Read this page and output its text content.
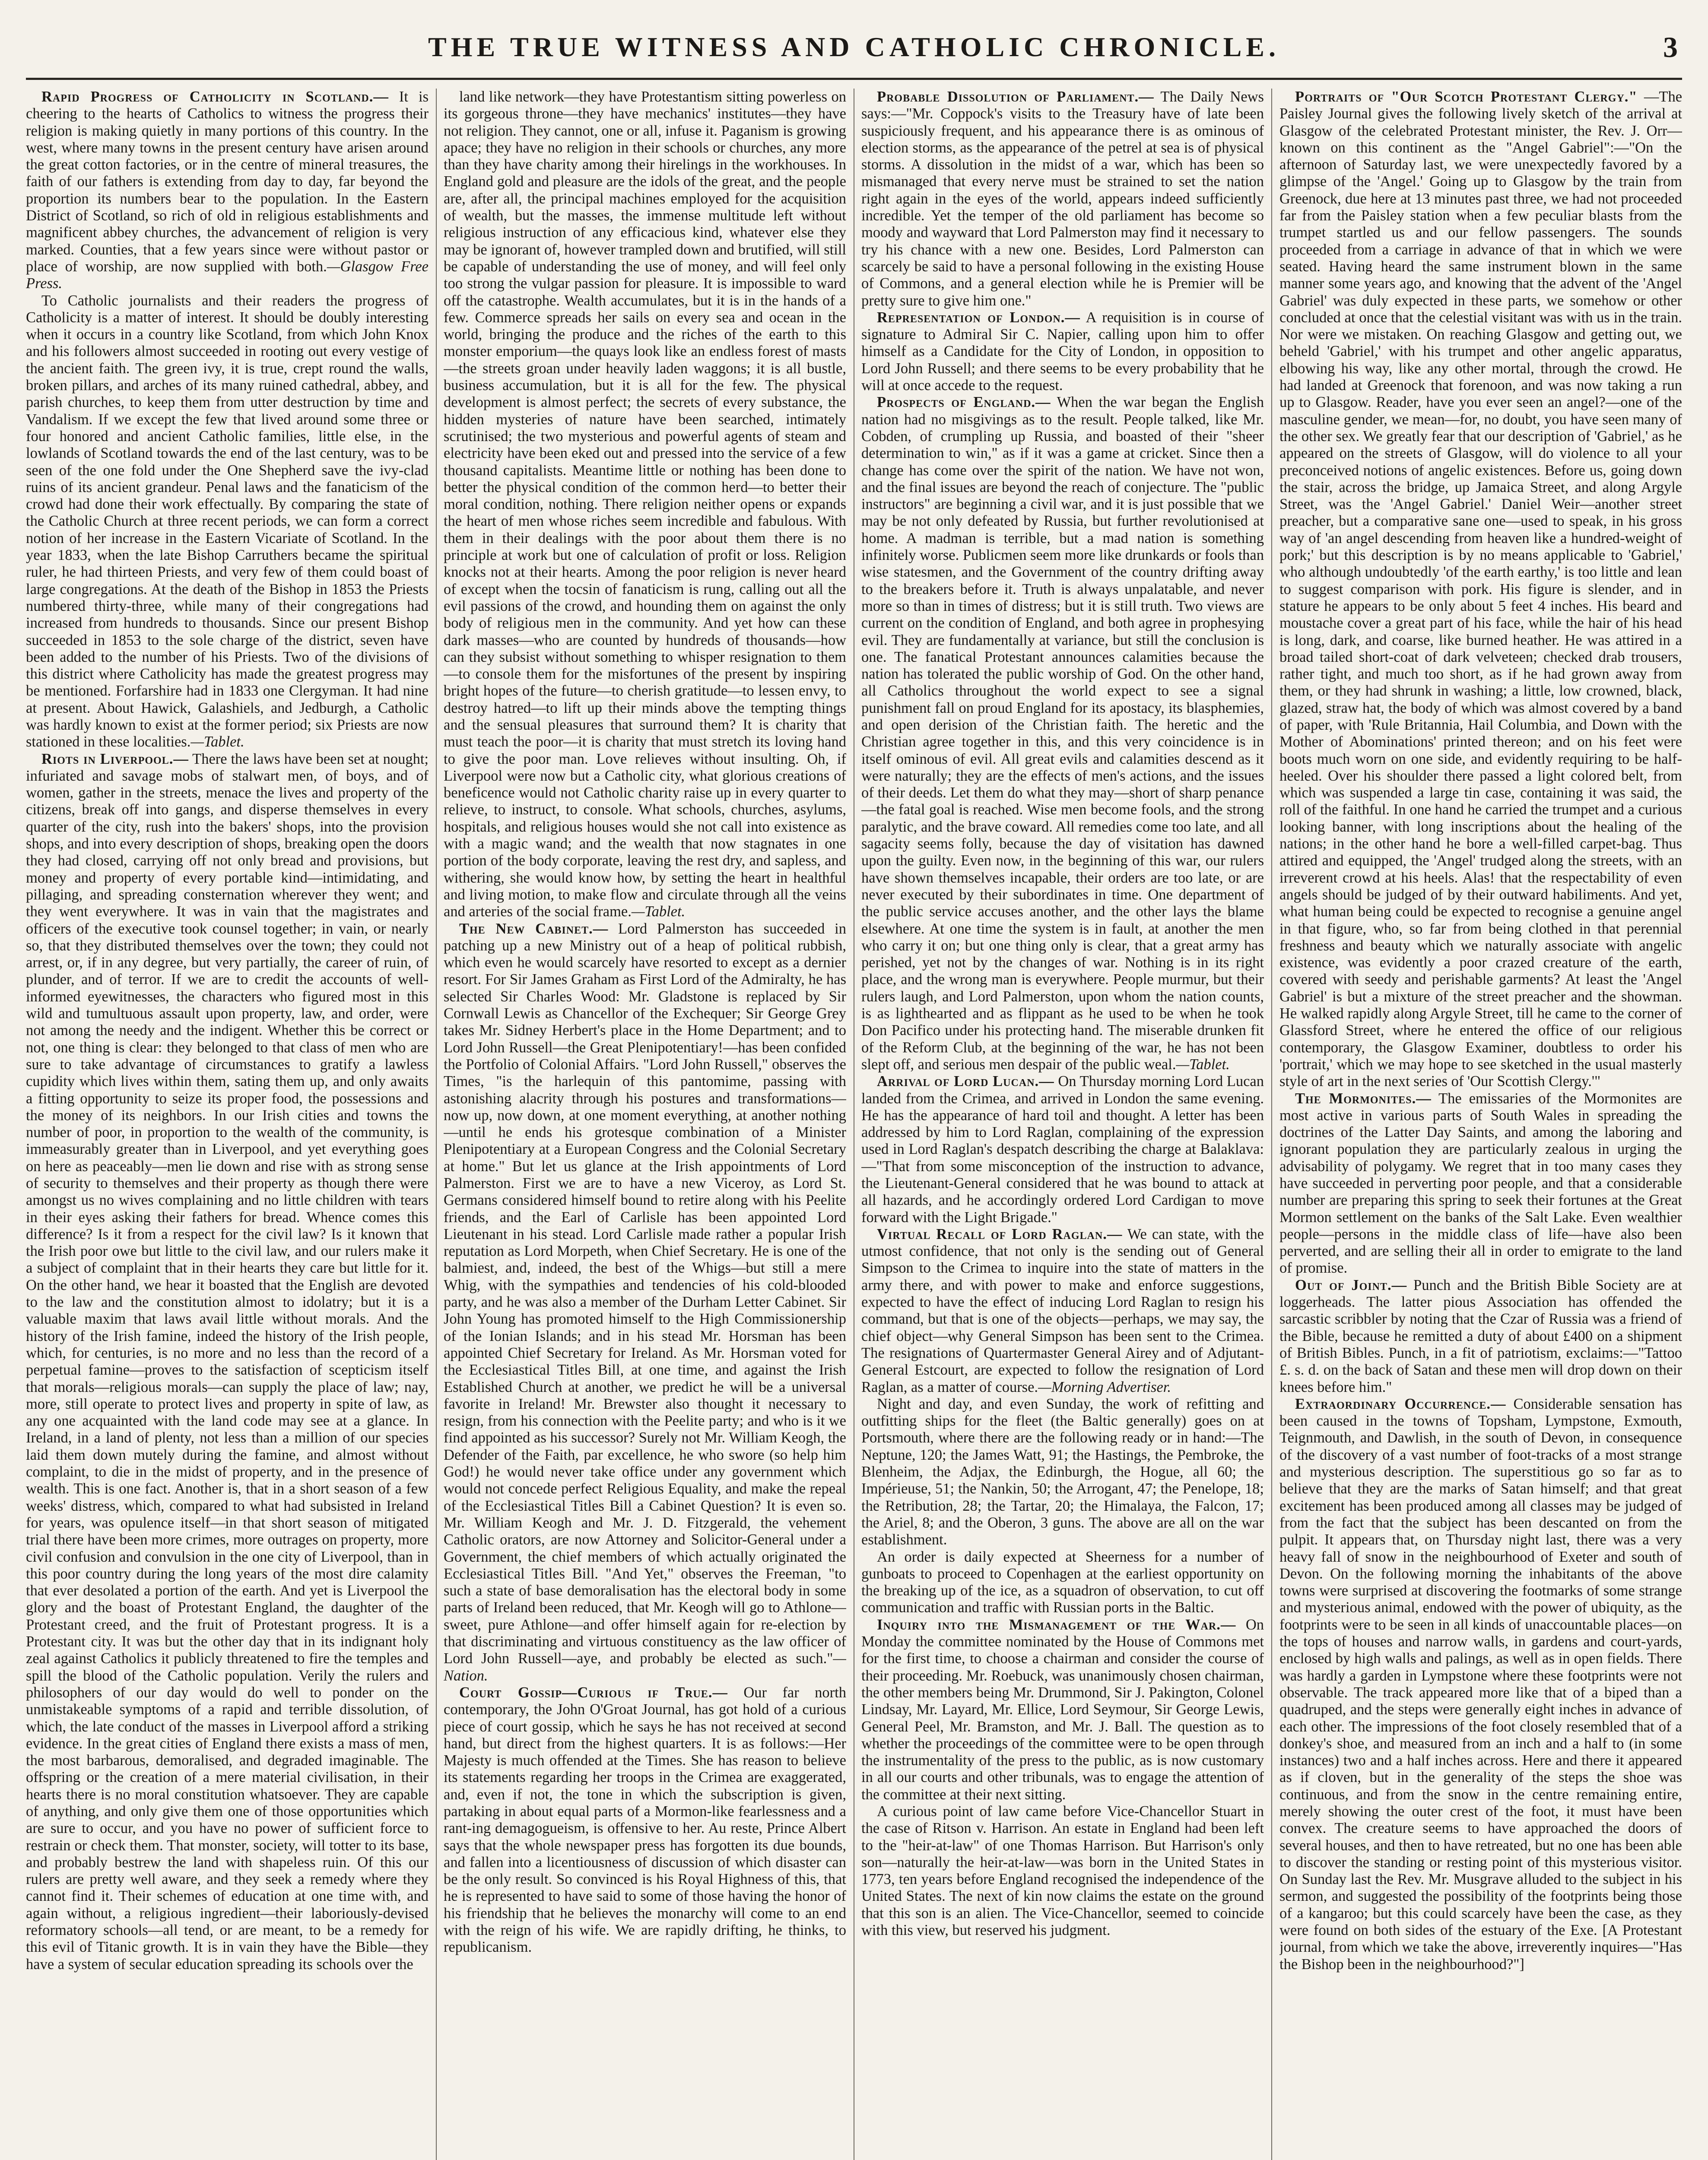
THE TRUE WITNESS AND CATHOLIC CHRONICLE.	3

Rapid Progress of Catholicity in Scotland.— It is cheering to the hearts of Catholics to witness the progress their religion is making quietly in many portions of this country. In the west, where many towns in the present century have arisen around the great cotton factories, or in the centre of mineral treasures, the faith of our fathers is extending from day to day, far beyond the proportion its numbers bear to the population. In the Eastern District of Scotland, so rich of old in religious establishments and magnificent abbey churches, the advancement of religion is very marked. Counties, that a few years since were without pastor or place of worship, are now supplied with both.—Glasgow Free Press.

To Catholic journalists and their readers the progress of Catholicity is a matter of interest. It should be doubly interesting when it occurs in a country like Scotland, from which John Knox and his followers almost succeeded in rooting out every vestige of the ancient faith. The green ivy, it is true, crept round the walls, broken pillars, and arches of its many ruined cathedral, abbey, and parish churches, to keep them from utter destruction by time and Vandalism. If we except the few that lived around some three or four honored and ancient Catholic families, little else, in the lowlands of Scotland towards the end of the last century, was to be seen of the one fold under the One Shepherd save the ivy-clad ruins of its ancient grandeur. Penal laws and the fanaticism of the crowd had done their work effectually. By comparing the state of the Catholic Church at three recent periods, we can form a correct notion of her increase in the Eastern Vicariate of Scotland. In the year 1833, when the late Bishop Carruthers became the spiritual ruler, he had thirteen Priests, and very few of them could boast of large congregations. At the death of the Bishop in 1853 the Priests numbered thirty-three, while many of their congregations had increased from hundreds to thousands. Since our present Bishop succeeded in 1853 to the sole charge of the district, seven have been added to the number of his Priests. Two of the divisions of this district where Catholicity has made the greatest progress may be mentioned. Forfarshire had in 1833 one Clergyman. It had nine at present. About Hawick, Galashiels, and Jedburgh, a Catholic was hardly known to exist at the former period; six Priests are now stationed in these localities.—Tablet.

Riots in Liverpool.— There the laws have been set at nought; infuriated and savage mobs of stalwart men, of boys, and of women, gather in the streets, menace the lives and property of the citizens, break off into gangs, and disperse themselves in every quarter of the city, rush into the bakers' shops, into the provision shops, and into every description of shops, breaking open the doors they had closed, carrying off not only bread and provisions, but money and property of every portable kind—intimidating, and pillaging, and spreading consternation wherever they went; and they went everywhere. It was in vain that the magistrates and officers of the executive took counsel together; in vain, or nearly so, that they distributed themselves over the town; they could not arrest, or, if in any degree, but very partially, the career of ruin, of plunder, and of terror. If we are to credit the accounts of well-informed eyewitnesses, the characters who figured most in this wild and tumultuous assault upon property, law, and order, were not among the needy and the indigent. Whether this be correct or not, one thing is clear: they belonged to that class of men who are sure to take advantage of circumstances to gratify a lawless cupidity which lives within them, sating them up, and only awaits a fitting opportunity to seize its proper food, the possessions and the money of its neighbors. In our Irish cities and towns the number of poor, in proportion to the wealth of the community, is immeasurably greater than in Liverpool, and yet everything goes on here as peaceably—men lie down and rise with as strong sense of security to themselves and their property as though there were amongst us no wives complaining and no little children with tears in their eyes asking their fathers for bread. Whence comes this difference? Is it from a respect for the civil law? Is it known that the Irish poor owe but little to the civil law, and our rulers make it a subject of complaint that in their hearts they care but little for it. On the other hand, we hear it boasted that the English are devoted to the law and the constitution almost to idolatry; but it is a valuable maxim that laws avail little without morals. And the history of the Irish famine, indeed the history of the Irish people, which, for centuries, is no more and no less than the record of a perpetual famine—proves to the satisfaction of scepticism itself that morals—religious morals—can supply the place of law; nay, more, still operate to protect lives and property in spite of law, as any one acquainted with the land code may see at a glance. In Ireland, in a land of plenty, not less than a million of our species laid them down mutely during the famine, and almost without complaint, to die in the midst of property, and in the presence of wealth. This is one fact. Another is, that in a short season of a few weeks' distress, which, compared to what had subsisted in Ireland for years, was opulence itself—in that short season of mitigated trial there have been more crimes, more outrages on property, more civil confusion and convulsion in the one city of Liverpool, than in this poor country during the long years of the most dire calamity that ever desolated a portion of the earth. And yet is Liverpool the glory and the boast of Protestant England, the daughter of the Protestant creed, and the fruit of Protestant progress. It is a Protestant city. It was but the other day that in its indignant holy zeal against Catholics it publicly threatened to fire the temples and spill the blood of the Catholic population. Verily the rulers and philosophers of our day would do well to ponder on the unmistakeable symptoms of a rapid and terrible dissolution, of which, the late conduct of the masses in Liverpool afford a striking evidence. In the great cities of England there exists a mass of men, the most barbarous, demoralised, and degraded imaginable. The offspring or the creation of a mere material civilisation, in their hearts there is no moral constitution whatsoever. They are capable of anything, and only give them one of those opportunities which are sure to occur, and you have no power of sufficient force to restrain or check them. That monster, society, will totter to its base, and probably bestrew the land with shapeless ruin. Of this our rulers are pretty well aware, and they seek a remedy where they cannot find it. Their schemes of education at one time with, and again without, a religious ingredient—their laboriously-devised reformatory schools—all tend, or are meant, to be a remedy for this evil of Titanic growth. It is in vain they have the Bible—they have a system of secular education spreading its schools over the

land like network—they have Protestantism sitting powerless on its gorgeous throne—they have mechanics' institutes—they have not religion. They cannot, one or all, infuse it. Paganism is growing apace; they have no religion in their schools or churches, any more than they have charity among their hirelings in the workhouses. In England gold and pleasure are the idols of the great, and the people are, after all, the principal machines employed for the acquisition of wealth, but the masses, the immense multitude left without religious instruction of any efficacious kind, whatever else they may be ignorant of, however trampled down and brutified, will still be capable of understanding the use of money, and will feel only too strong the vulgar passion for pleasure. It is impossible to ward off the catastrophe. Wealth accumulates, but it is in the hands of a few. Commerce spreads her sails on every sea and ocean in the world, bringing the produce and the riches of the earth to this monster emporium—the quays look like an endless forest of masts—the streets groan under heavily laden waggons; it is all bustle, business accumulation, but it is all for the few. The physical development is almost perfect; the secrets of every substance, the hidden mysteries of nature have been searched, intimately scrutinised; the two mysterious and powerful agents of steam and electricity have been eked out and pressed into the service of a few thousand capitalists. Meantime little or nothing has been done to better the physical condition of the common herd—to better their moral condition, nothing. There religion neither opens or expands the heart of men whose riches seem incredible and fabulous. With them in their dealings with the poor about them there is no principle at work but one of calculation of profit or loss. Religion knocks not at their hearts. Among the poor religion is never heard of except when the tocsin of fanaticism is rung, calling out all the evil passions of the crowd, and hounding them on against the only body of religious men in the community. And yet how can these dark masses—who are counted by hundreds of thousands—how can they subsist without something to whisper resignation to them—to console them for the misfortunes of the present by inspiring bright hopes of the future—to cherish gratitude—to lessen envy, to destroy hatred—to lift up their minds above the tempting things and the sensual pleasures that surround them? It is charity that must teach the poor—it is charity that must stretch its loving hand to give the poor man. Love relieves without insulting. Oh, if Liverpool were now but a Catholic city, what glorious creations of beneficence would not Catholic charity raise up in every quarter to relieve, to instruct, to console. What schools, churches, asylums, hospitals, and religious houses would she not call into existence as with a magic wand; and the wealth that now stagnates in one portion of the body corporate, leaving the rest dry, and sapless, and withering, she would know how, by setting the heart in healthful and living motion, to make flow and circulate through all the veins and arteries of the social frame.—Tablet.

The New Cabinet.— Lord Palmerston has succeeded in patching up a new Ministry out of a heap of political rubbish, which even he would scarcely have resorted to except as a dernier resort. For Sir James Graham as First Lord of the Admiralty, he has selected Sir Charles Wood: Mr. Gladstone is replaced by Sir Cornwall Lewis as Chancellor of the Exchequer; Sir George Grey takes Mr. Sidney Herbert's place in the Home Department; and to Lord John Russell—the Great Plenipotentiary!—has been confided the Portfolio of Colonial Affairs. "Lord John Russell," observes the Times, "is the harlequin of this pantomime, passing with astonishing alacrity through his postures and transformations—now up, now down, at one moment everything, at another nothing—until he ends his grotesque combination of a Minister Plenipotentiary at a European Congress and the Colonial Secretary at home." But let us glance at the Irish appointments of Lord Palmerston. First we are to have a new Viceroy, as Lord St. Germans considered himself bound to retire along with his Peelite friends, and the Earl of Carlisle has been appointed Lord Lieutenant in his stead. Lord Carlisle made rather a popular Irish reputation as Lord Morpeth, when Chief Secretary. He is one of the balmiest, and, indeed, the best of the Whigs—but still a mere Whig, with the sympathies and tendencies of his cold-blooded party, and he was also a member of the Durham Letter Cabinet. Sir John Young has promoted himself to the High Commissionership of the Ionian Islands; and in his stead Mr. Horsman has been appointed Chief Secretary for Ireland. As Mr. Horsman voted for the Ecclesiastical Titles Bill, at one time, and against the Irish Established Church at another, we predict he will be a universal favorite in Ireland! Mr. Brewster also thought it necessary to resign, from his connection with the Peelite party; and who is it we find appointed as his successor? Surely not Mr. William Keogh, the Defender of the Faith, par excellence, he who swore (so help him God!) he would never take office under any government which would not concede perfect Religious Equality, and make the repeal of the Ecclesiastical Titles Bill a Cabinet Question? It is even so. Mr. William Keogh and Mr. J. D. Fitzgerald, the vehement Catholic orators, are now Attorney and Solicitor-General under a Government, the chief members of which actually originated the Ecclesiastical Titles Bill. "And Yet," observes the Freeman, "to such a state of base demoralisation has the electoral body in some parts of Ireland been reduced, that Mr. Keogh will go to Athlone—sweet, pure Athlone—and offer himself again for re-election by that discriminating and virtuous constituency as the law officer of Lord John Russell—aye, and probably be elected as such."—Nation.

Court Gossip—Curious if True.— Our far north contemporary, the John O'Groat Journal, has got hold of a curious piece of court gossip, which he says he has not received at second hand, but direct from the highest quarters. It is as follows:—Her Majesty is much offended at the Times. She has reason to believe its statements regarding her troops in the Crimea are exaggerated, and, even if not, the tone in which the subscription is given, partaking in about equal parts of a Mormon-like fearlessness and a rant-ing demagogueism, is offensive to her. Au reste, Prince Albert says that the whole newspaper press has forgotten its due bounds, and fallen into a licentiousness of discussion of which disaster can be the only result. So convinced is his Royal Highness of this, that he is represented to have said to some of those having the honor of his friendship that he believes the monarchy will come to an end with the reign of his wife. We are rapidly drifting, he thinks, to republicanism.

Probable Dissolution of Parliament.— The Daily News says:—"Mr. Coppock's visits to the Treasury have of late been suspiciously frequent, and his appearance there is as ominous of election storms, as the appearance of the petrel at sea is of physical storms. A dissolution in the midst of a war, which has been so mismanaged that every nerve must be strained to set the nation right again in the eyes of the world, appears indeed sufficiently incredible. Yet the temper of the old parliament has become so moody and wayward that Lord Palmerston may find it necessary to try his chance with a new one. Besides, Lord Palmerston can scarcely be said to have a personal following in the existing House of Commons, and a general election while he is Premier will be pretty sure to give him one."

Representation of London.— A requisition is in course of signature to Admiral Sir C. Napier, calling upon him to offer himself as a Candidate for the City of London, in opposition to Lord John Russell; and there seems to be every probability that he will at once accede to the request.

Prospects of England.— When the war began the English nation had no misgivings as to the result. People talked, like Mr. Cobden, of crumpling up Russia, and boasted of their "sheer determination to win," as if it was a game at cricket. Since then a change has come over the spirit of the nation. We have not won, and the final issues are beyond the reach of conjecture. The "public instructors" are beginning a civil war, and it is just possible that we may be not only defeated by Russia, but further revolutionised at home. A madman is terrible, but a mad nation is something infinitely worse. Publicmen seem more like drunkards or fools than wise statesmen, and the Government of the country drifting away to the breakers before it. Truth is always unpalatable, and never more so than in times of distress; but it is still truth. Two views are current on the condition of England, and both agree in prophesying evil. They are fundamentally at variance, but still the conclusion is one. The fanatical Protestant announces calamities because the nation has tolerated the public worship of God. On the other hand, all Catholics throughout the world expect to see a signal punishment fall on proud England for its apostacy, its blasphemies, and open derision of the Christian faith. The heretic and the Christian agree together in this, and this very coincidence is in itself ominous of evil. All great evils and calamities descend as it were naturally; they are the effects of men's actions, and the issues of their deeds. Let them do what they may—short of sharp penance—the fatal goal is reached. Wise men become fools, and the strong paralytic, and the brave coward. All remedies come too late, and all sagacity seems folly, because the day of visitation has dawned upon the guilty. Even now, in the beginning of this war, our rulers have shown themselves incapable, their orders are too late, or are never executed by their subordinates in time. One department of the public service accuses another, and the other lays the blame elsewhere. At one time the system is in fault, at another the men who carry it on; but one thing only is clear, that a great army has perished, yet not by the changes of war. Nothing is in its right place, and the wrong man is everywhere. People murmur, but their rulers laugh, and Lord Palmerston, upon whom the nation counts, is as lighthearted and as flippant as he used to be when he took Don Pacifico under his protecting hand. The miserable drunken fit of the Reform Club, at the beginning of the war, he has not been slept off, and serious men despair of the public weal.—Tablet.

Arrival of Lord Lucan.— On Thursday morning Lord Lucan landed from the Crimea, and arrived in London the same evening. He has the appearance of hard toil and thought. A letter has been addressed by him to Lord Raglan, complaining of the expression used in Lord Raglan's despatch describing the charge at Balaklava:—"That from some misconception of the instruction to advance, the Lieutenant-General considered that he was bound to attack at all hazards, and he accordingly ordered Lord Cardigan to move forward with the Light Brigade."

Virtual Recall of Lord Raglan.— We can state, with the utmost confidence, that not only is the sending out of General Simpson to the Crimea to inquire into the state of matters in the army there, and with power to make and enforce suggestions, expected to have the effect of inducing Lord Raglan to resign his command, but that is one of the objects—perhaps, we may say, the chief object—why General Simpson has been sent to the Crimea. The resignations of Quartermaster General Airey and of Adjutant-General Estcourt, are expected to follow the resignation of Lord Raglan, as a matter of course.—Morning Advertiser.

Night and day, and even Sunday, the work of refitting and outfitting ships for the fleet (the Baltic generally) goes on at Portsmouth, where there are the following ready or in hand:—The Neptune, 120; the James Watt, 91; the Hastings, the Pembroke, the Blenheim, the Adjax, the Edinburgh, the Hogue, all 60; the Impérieuse, 51; the Nankin, 50; the Arrogant, 47; the Penelope, 18; the Retribution, 28; the Tartar, 20; the Himalaya, the Falcon, 17; the Ariel, 8; and the Oberon, 3 guns. The above are all on the war establishment.

An order is daily expected at Sheerness for a number of gunboats to proceed to Copenhagen at the earliest opportunity on the breaking up of the ice, as a squadron of observation, to cut off communication and traffic with Russian ports in the Baltic.

Inquiry into the Mismanagement of the War.— On Monday the committee nominated by the House of Commons met for the first time, to choose a chairman and consider the course of their proceeding. Mr. Roebuck, was unanimously chosen chairman, the other members being Mr. Drummond, Sir J. Pakington, Colonel Lindsay, Mr. Layard, Mr. Ellice, Lord Seymour, Sir George Lewis, General Peel, Mr. Bramston, and Mr. J. Ball. The question as to whether the proceedings of the committee were to be open through the instrumentality of the press to the public, as is now customary in all our courts and other tribunals, was to engage the attention of the committee at their next sitting.

A curious point of law came before Vice-Chancellor Stuart in the case of Ritson v. Harrison. An estate in England had been left to the "heir-at-law" of one Thomas Harrison. But Harrison's only son—naturally the heir-at-law—was born in the United States in 1773, ten years before England recognised the independence of the United States. The next of kin now claims the estate on the ground that this son is an alien. The Vice-Chancellor, seemed to coincide with this view, but reserved his judgment.

Portraits of "Our Scotch Protestant Clergy." —The Paisley Journal gives the following lively sketch of the arrival at Glasgow of the celebrated Protestant minister, the Rev. J. Orr—known on this continent as the "Angel Gabriel":—"On the afternoon of Saturday last, we were unexpectedly favored by a glimpse of the 'Angel.' Going up to Glasgow by the train from Greenock, due here at 13 minutes past three, we had not proceeded far from the Paisley station when a few peculiar blasts from the trumpet startled us and our fellow passengers. The sounds proceeded from a carriage in advance of that in which we were seated. Having heard the same instrument blown in the same manner some years ago, and knowing that the advent of the 'Angel Gabriel' was duly expected in these parts, we somehow or other concluded at once that the celestial visitant was with us in the train. Nor were we mistaken. On reaching Glasgow and getting out, we beheld 'Gabriel,' with his trumpet and other angelic apparatus, elbowing his way, like any other mortal, through the crowd. He had landed at Greenock that forenoon, and was now taking a run up to Glasgow. Reader, have you ever seen an angel?—one of the masculine gender, we mean—for, no doubt, you have seen many of the other sex. We greatly fear that our description of 'Gabriel,' as he appeared on the streets of Glasgow, will do violence to all your preconceived notions of angelic existences. Before us, going down the stair, across the bridge, up Jamaica Street, and along Argyle Street, was the 'Angel Gabriel.' Daniel Weir—another street preacher, but a comparative sane one—used to speak, in his gross way of 'an angel descending from heaven like a hundred-weight of pork;' but this description is by no means applicable to 'Gabriel,' who although undoubtedly 'of the earth earthy,' is too little and lean to suggest comparison with pork. His figure is slender, and in stature he appears to be only about 5 feet 4 inches. His beard and moustache cover a great part of his face, while the hair of his head is long, dark, and coarse, like burned heather. He was attired in a broad tailed short-coat of dark velveteen; checked drab trousers, rather tight, and much too short, as if he had grown away from them, or they had shrunk in washing; a little, low crowned, black, glazed, straw hat, the body of which was almost covered by a band of paper, with 'Rule Britannia, Hail Columbia, and Down with the Mother of Abominations' printed thereon; and on his feet were boots much worn on one side, and evidently requiring to be half-heeled. Over his shoulder there passed a light colored belt, from which was suspended a large tin case, containing it was said, the roll of the faithful. In one hand he carried the trumpet and a curious looking banner, with long inscriptions about the healing of the nations; in the other hand he bore a well-filled carpet-bag. Thus attired and equipped, the 'Angel' trudged along the streets, with an irreverent crowd at his heels. Alas! that the respectability of even angels should be judged of by their outward habiliments. And yet, what human being could be expected to recognise a genuine angel in that figure, who, so far from being clothed in that perennial freshness and beauty which we naturally associate with angelic existence, was evidently a poor crazed creature of the earth, covered with seedy and perishable garments? At least the 'Angel Gabriel' is but a mixture of the street preacher and the showman. He walked rapidly along Argyle Street, till he came to the corner of Glassford Street, where he entered the office of our religious contemporary, the Glasgow Examiner, doubtless to order his 'portrait,' which we may hope to see sketched in the usual masterly style of art in the next series of 'Our Scottish Clergy.'"

The Mormonites.— The emissaries of the Mormonites are most active in various parts of South Wales in spreading the doctrines of the Latter Day Saints, and among the laboring and ignorant population they are particularly zealous in urging the advisability of polygamy. We regret that in too many cases they have succeeded in perverting poor people, and that a considerable number are preparing this spring to seek their fortunes at the Great Mormon settlement on the banks of the Salt Lake. Even wealthier people—persons in the middle class of life—have also been perverted, and are selling their all in order to emigrate to the land of promise.

Out of Joint.— Punch and the British Bible Society are at loggerheads. The latter pious Association has offended the sarcastic scribbler by noting that the Czar of Russia was a friend of the Bible, because he remitted a duty of about £400 on a shipment of British Bibles. Punch, in a fit of patriotism, exclaims:—"Tattoo £. s. d. on the back of Satan and these men will drop down on their knees before him."

Extraordinary Occurrence.— Considerable sensation has been caused in the towns of Topsham, Lympstone, Exmouth, Teignmouth, and Dawlish, in the south of Devon, in consequence of the discovery of a vast number of foot-tracks of a most strange and mysterious description. The superstitious go so far as to believe that they are the marks of Satan himself; and that great excitement has been produced among all classes may be judged of from the fact that the subject has been descanted on from the pulpit. It appears that, on Thursday night last, there was a very heavy fall of snow in the neighbourhood of Exeter and south of Devon. On the following morning the inhabitants of the above towns were surprised at discovering the footmarks of some strange and mysterious animal, endowed with the power of ubiquity, as the footprints were to be seen in all kinds of unaccountable places—on the tops of houses and narrow walls, in gardens and court-yards, enclosed by high walls and palings, as well as in open fields. There was hardly a garden in Lympstone where these footprints were not observable. The track appeared more like that of a biped than a quadruped, and the steps were generally eight inches in advance of each other. The impressions of the foot closely resembled that of a donkey's shoe, and measured from an inch and a half to (in some instances) two and a half inches across. Here and there it appeared as if cloven, but in the generality of the steps the shoe was continuous, and from the snow in the centre remaining entire, merely showing the outer crest of the foot, it must have been convex. The creature seems to have approached the doors of several houses, and then to have retreated, but no one has been able to discover the standing or resting point of this mysterious visitor. On Sunday last the Rev. Mr. Musgrave alluded to the subject in his sermon, and suggested the possibility of the footprints being those of a kangaroo; but this could scarcely have been the case, as they were found on both sides of the estuary of the Exe. [A Protestant journal, from which we take the above, irreverently inquires—"Has the Bishop been in the neighbourhood?"]
